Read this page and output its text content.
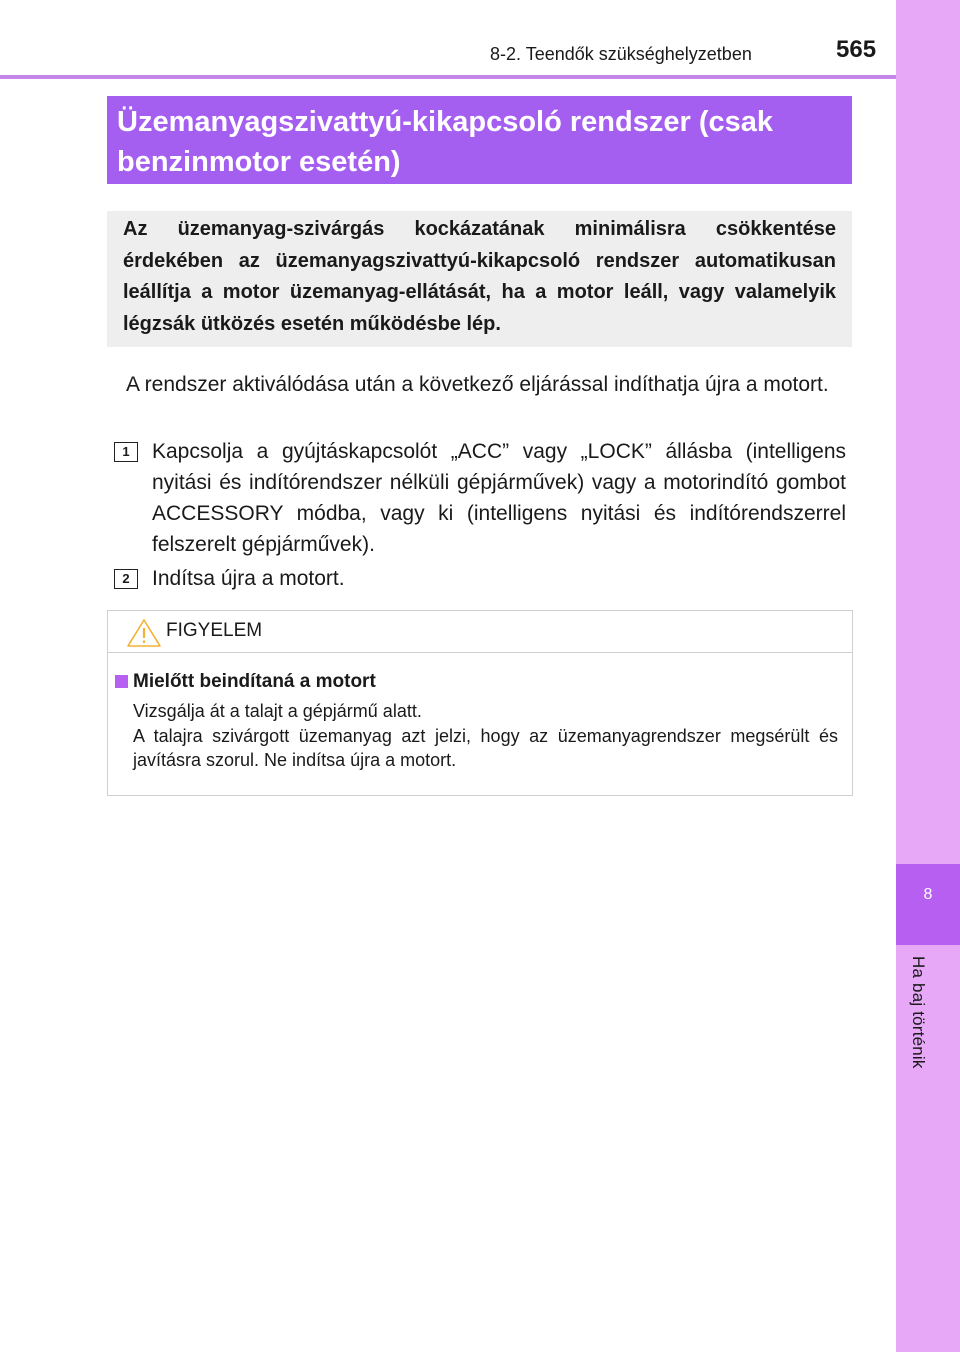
8-2. Teendők szükséghelyzetben	565
8
Ha baj történik

Üzemanyagszivattyú-kikapcsoló rendszer (csak

benzinmotor esetén)

Az üzemanyag-szivárgás kockázatának minimálisra csökkentése érdekében az üzemanyagszivattyú-kikapcsoló rendszer automatikusan leállítja a motor üzemanyag-ellátását, ha a motor leáll, vagy valamelyik légzsák ütközés esetén működésbe lép.

A rendszer aktiválódása után a következő eljárással indíthatja újra a motort.

1	Kapcsolja a gyújtáskapcsolót „ACC” vagy „LOCK” állásba (intelligens nyitási és indítórendszer nélküli gépjárművek) vagy a motorindító gombot ACCESSORY módba, vagy ki (intelligens nyitási és indítórendszerrel felszerelt gépjárművek).

2	Indítsa újra a motort.

FIGYELEM

Mielőtt beindítaná a motort

Vizsgálja át a talajt a gépjármű alatt.

A talajra szivárgott üzemanyag azt jelzi, hogy az üzemanyagrendszer megsérült és javításra szorul. Ne indítsa újra a motort.
